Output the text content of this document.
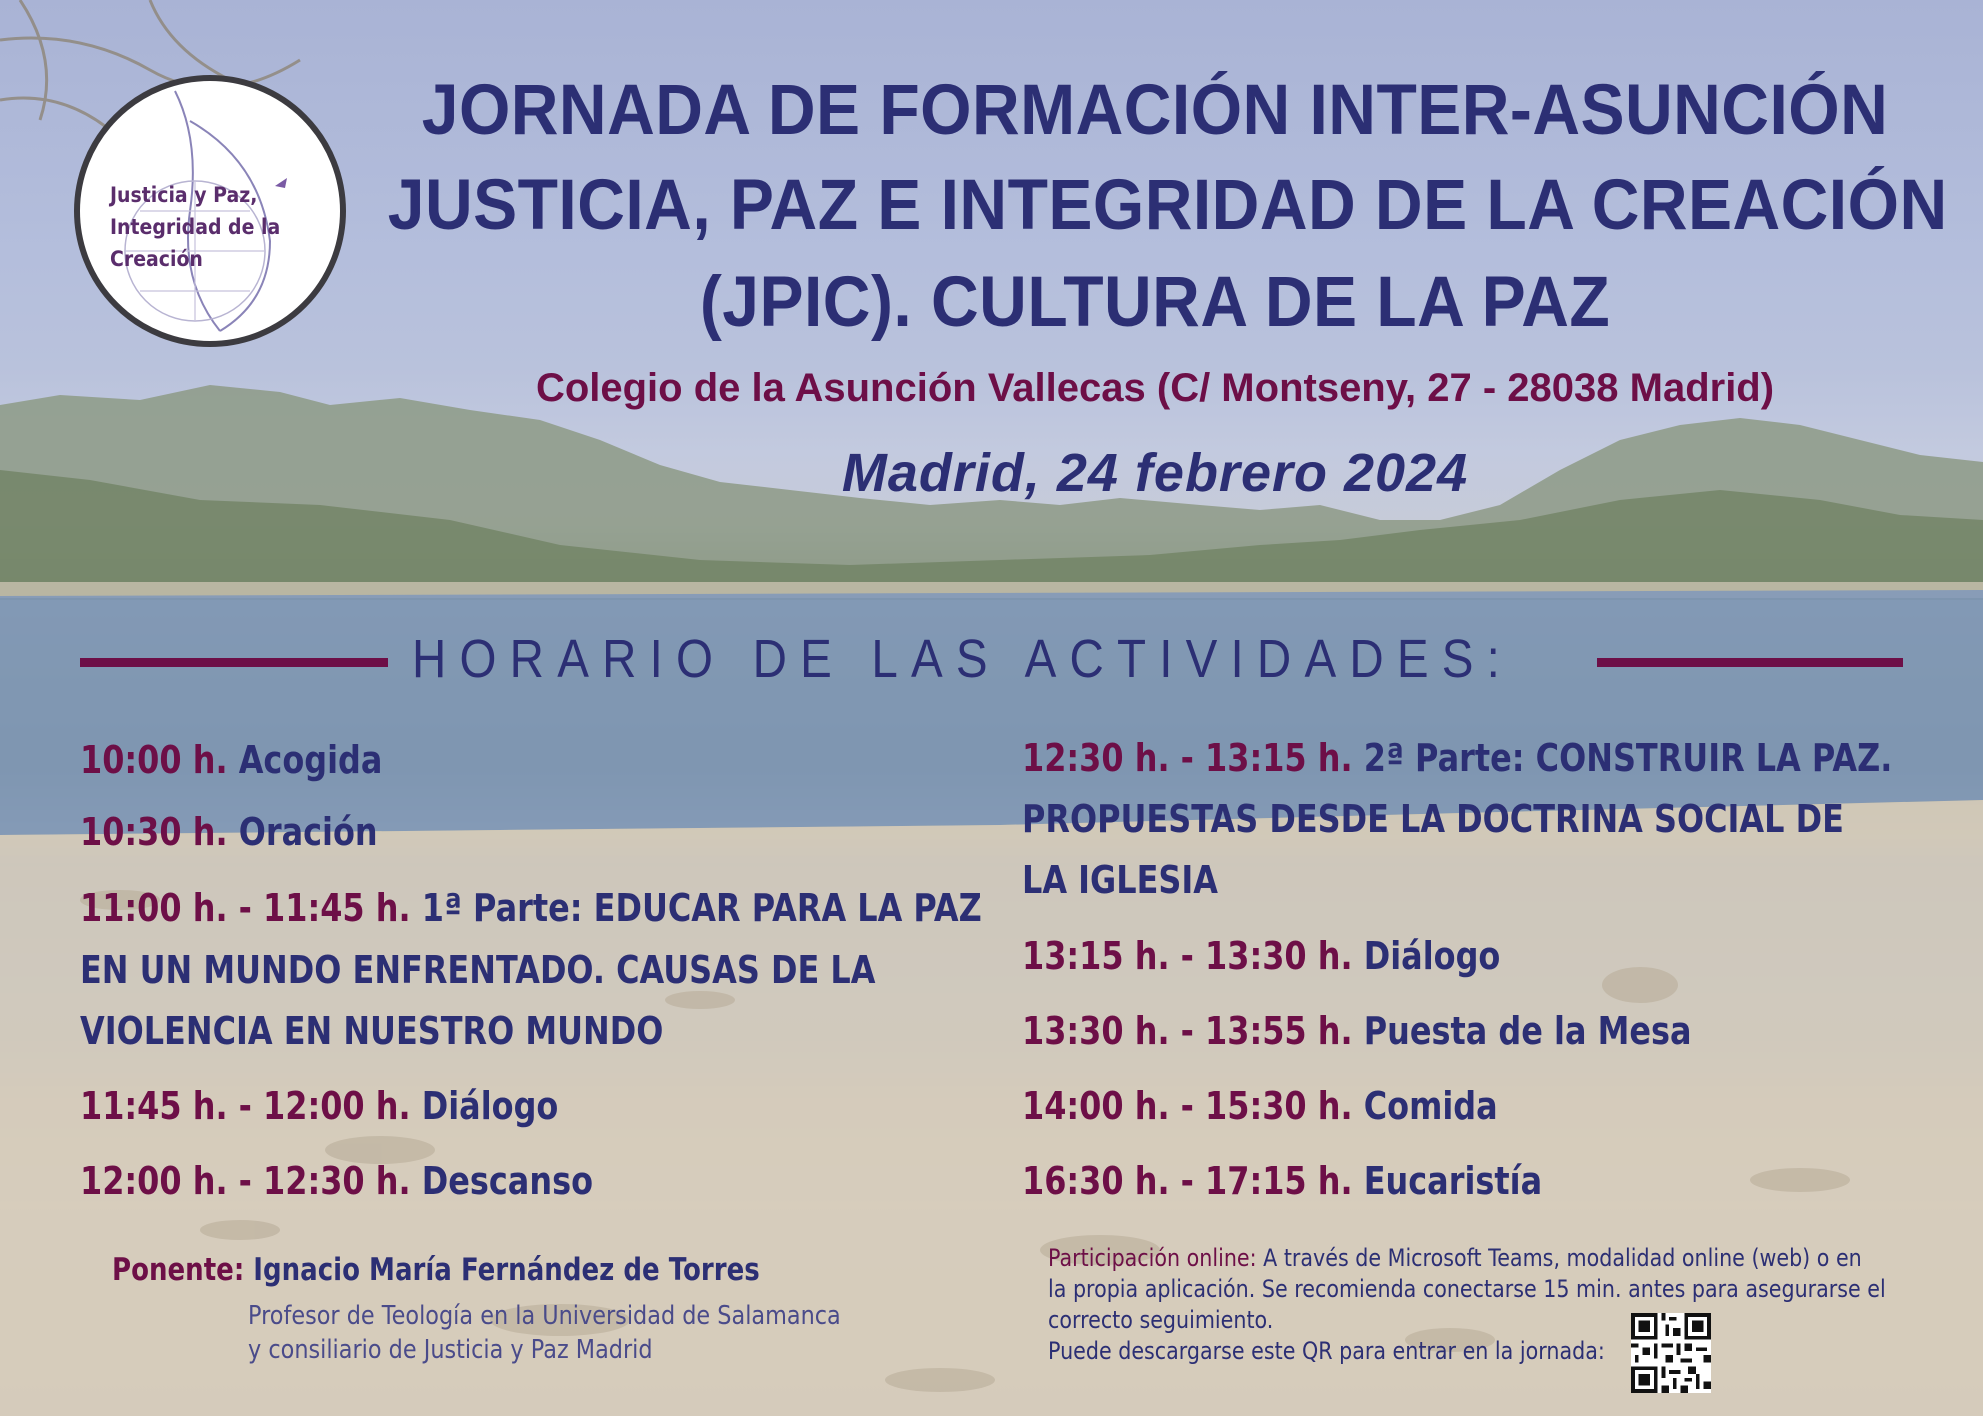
Justicia y Paz,
Integridad de la
Creación
JORNADA DE FORMACIÓN INTER-ASUNCIÓN
JUSTICIA, PAZ E INTEGRIDAD DE LA CREACIÓN
(JPIC). CULTURA DE LA PAZ
Colegio de la Asunción Vallecas (C/ Montseny, 27 - 28038 Madrid)
Madrid, 24 febrero 2024
HORARIO DE LAS ACTIVIDADES:
10:00 h. Acogida
10:30 h. Oración
11:00 h. - 11:45 h. 1ª Parte: EDUCAR PARA LA PAZ
EN UN MUNDO ENFRENTADO. CAUSAS DE LA
VIOLENCIA EN NUESTRO MUNDO
11:45 h. - 12:00 h. Diálogo
12:00 h. - 12:30 h. Descanso
12:30 h. - 13:15 h. 2ª Parte: CONSTRUIR LA PAZ.
PROPUESTAS DESDE LA DOCTRINA SOCIAL DE
LA IGLESIA
13:15 h. - 13:30 h. Diálogo
13:30 h. - 13:55 h. Puesta de la Mesa
14:00 h. - 15:30 h. Comida
16:30 h. - 17:15 h. Eucaristía
Ponente: Ignacio María Fernández de Torres
Profesor de Teología en la Universidad de Salamanca
y consiliario de Justicia y Paz Madrid
Participación online: A través de Microsoft Teams, modalidad online (web) o en
la propia aplicación. Se recomienda conectarse 15 min. antes para asegurarse el
correcto seguimiento.
Puede descargarse este QR para entrar en la jornada:
